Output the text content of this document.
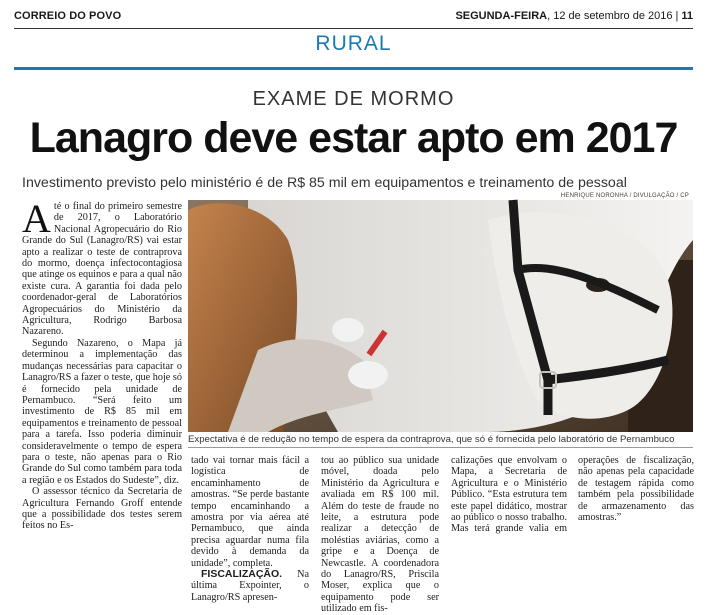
CORREIO DO POVO	SEGUNDA-FEIRA, 12 de setembro de 2016 | 11
RURAL
EXAME DE MORMO
Lanagro deve estar apto em 2017
Investimento previsto pelo ministério é de R$ 85 mil em equipamentos e treinamento de pessoal
HENRIQUE NORONHA / DIVULGAÇÃO / CP
Expectativa é de redução no tempo de espera da contraprova, que só é fornecida pelo laboratório de Pernambuco

Até o final do primeiro semestre de 2017, o Laboratório Nacional Agropecuário do Rio Grande do Sul (Lanagro/RS) vai estar apto a realizar o teste de contraprova do mormo, doença infectocontagiosa que atinge os equinos e para a qual não existe cura. A garantia foi dada pelo coordenador-geral de Laboratórios Agropecuários do Ministério da Agricultura, Rodrigo Barbosa Nazareno.

Segundo Nazareno, o Mapa já determinou a implementação das mudanças necessárias para capacitar o Lanagro/RS a fazer o teste, que hoje só é fornecido pela unidade de Pernambuco. “Será feito um investimento de R$ 85 mil em equipamentos e treinamento de pessoal para a tarefa. Isso poderia diminuir consideravelmente o tempo de espera para o teste, não apenas para o Rio Grande do Sul como também para toda a região e os Estados do Sudeste”, diz.

O assessor técnico da Secretaria de Agricultura Fernando Groff entende que a possibilidade dos testes serem feitos no Es-

tado vai tornar mais fácil a logística de encaminhamento de amostras. “Se perde bastante tempo encaminhando a amostra por via aérea até Pernambuco, que ainda precisa aguardar numa fila devido à demanda da unidade”, completa.

FISCALIZAÇÃO. Na última Expointer, o Lanagro/RS apresen-

tou ao público sua unidade móvel, doada pelo Ministério da Agricultura e avaliada em R$ 100 mil. Além do teste de fraude no leite, a estrutura pode realizar a detecção de moléstias aviárias, como a gripe e a Doença de Newcastle. A coordenadora do Lanagro/RS, Priscila Moser, explica que o equipamento pode ser utilizado em fis-

calizações que envolvam o Mapa, a Secretaria de Agricultura e o Ministério Público. “Esta estrutura tem este papel didático, mostrar ao público o nosso trabalho. Mas terá grande valia em operações de fiscalização, não apenas pela capacidade de testagem rápida como também pela possibilidade de armazenamento das amostras.”
